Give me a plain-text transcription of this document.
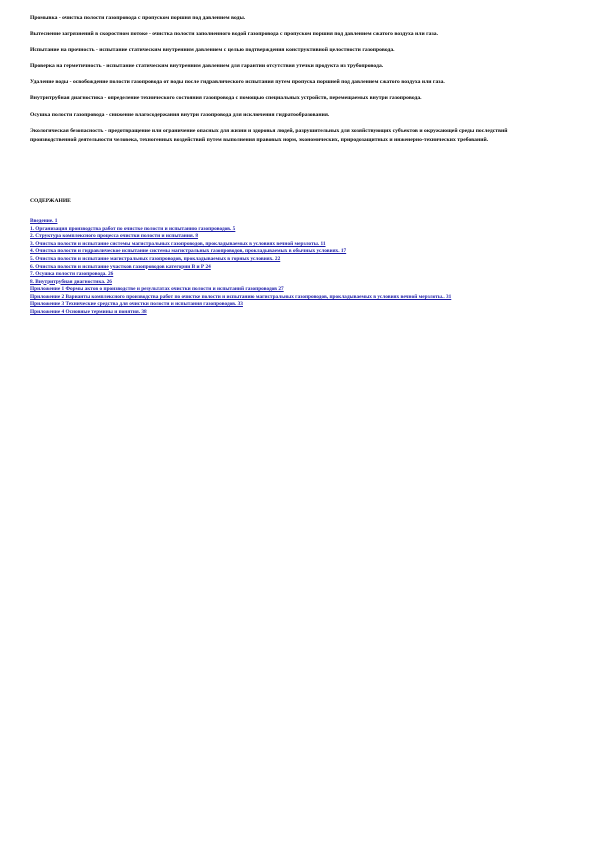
Промывка - очистка полости газопровода с пропуском поршня под давлением воды.

Вытеснение загрязнений в скоростном потоке - очистка полости заполненного водой газопровода с пропуском поршня под давлением сжатого воздуха или газа.

Испытание на прочность - испытание статическим внутренним давлением с целью подтверждения конструктивной целостности газопровода.

Проверка на герметичность - испытание статическим внутренним давлением для гарантии отсутствия утечки продукта из трубопровода.

Удаление воды - освобождение полости газопровода от воды после гидравлического испытания путем пропуска поршней под давлением сжатого воздуха или газа.

Внутритрубная диагностика - определение технического состояния газопровода с помощью специальных устройств, перемещаемых внутри газопровода.

Осушка полости газопровода - снижение влагосодержания внутри газопровода для исключения гидратообразования.

Экологическая безопасность - предотвращение или ограничение опасных для жизни и здоровья людей, разрушительных для хозяйствующих субъектов и окружающей среды последствий производственной деятельности человека, техногенных воздействий путем выполнения правовых норм, экономических, природозащитных и инженерно-технических требований.

СОДЕРЖАНИЕ
Введение. 1
1. Организация производства работ по очистке полости и испытанию газопроводов. 5
2. Структура комплексного процесса очистки полости и испытания. 8
3. Очистка полости и испытание системы магистральных газопроводов, прокладываемых в условиях вечной мерзлоты. 11
4. Очистка полости и гидравлическое испытание системы магистральных газопроводов, прокладываемых в обычных условиях. 17
5. Очистка полости и испытание магистральных газопроводов, прокладываемых в горных условиях. 22
6. Очистка полости и испытание участков газопроводов категории В и Р 24
7. Осушка полости газопровода. 26
8. Внутритрубная диагностика. 26
Приложение 1 Формы актов о производстве и результатах очистки полости и испытаний газопроводов 27
Приложение 2 Варианты комплексного производства работ по очистке полости и испытанию магистральных газопроводов, прокладываемых в условиях вечной мерзлоты.. 31
Приложение 3 Технические средства для очистки полости и испытания газопроводов. 33
Приложение 4 Основные термины и понятия. 38
